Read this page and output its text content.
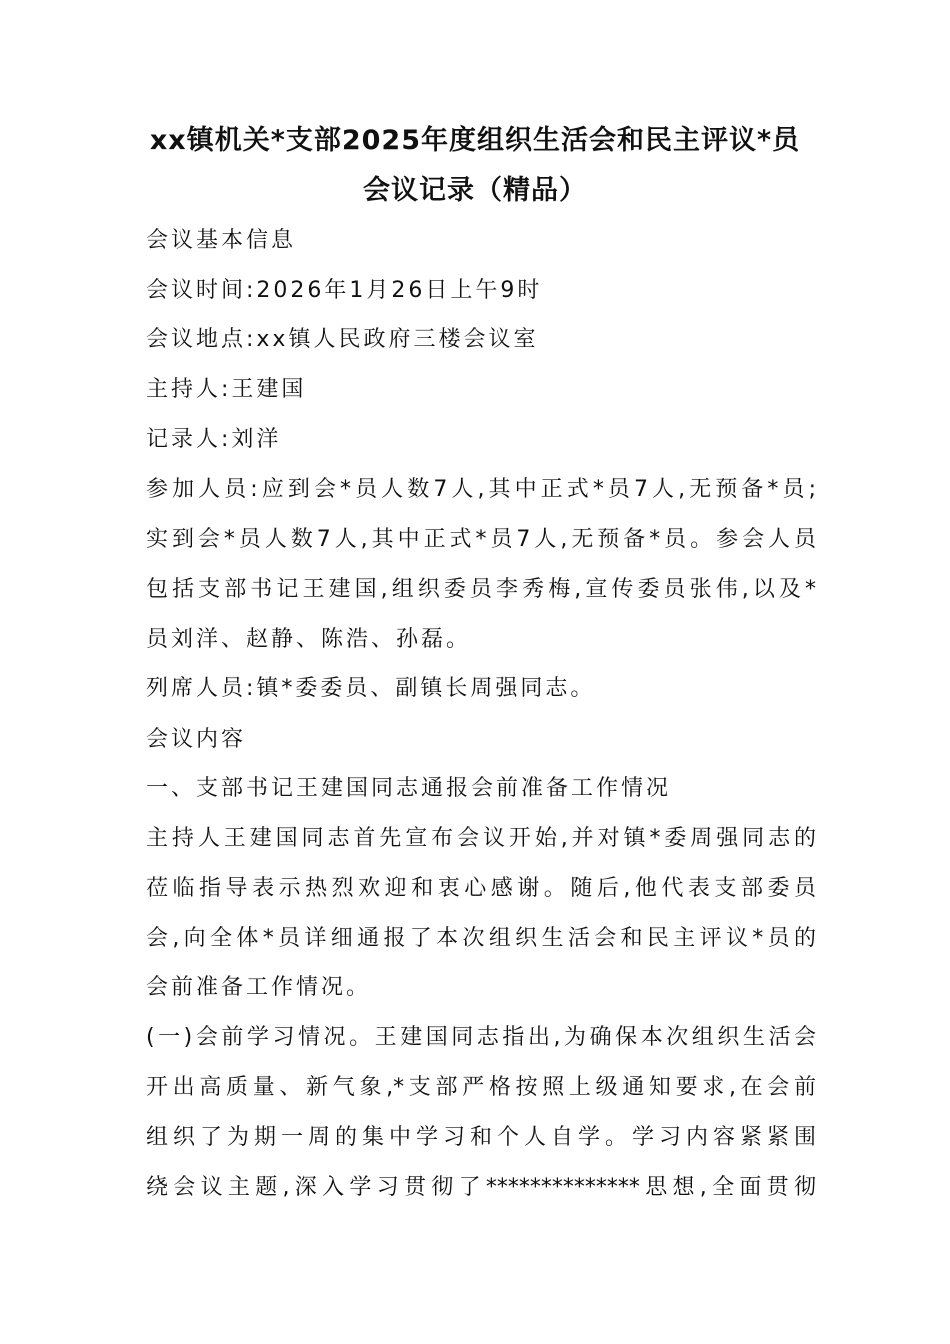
xx镇机关*支部2025年度组织生活会和民主评议*员
会议记录（精品）

会议基本信息

会议时间:2026年1月26日上午9时

会议地点:xx镇人民政府三楼会议室

主持人:王建国

记录人:刘洋

参加人员:应到会*员人数7人,其中正式*员7人,无预备*员;

实到会*员人数7人,其中正式*员7人,无预备*员。参会人员

包括支部书记王建国,组织委员李秀梅,宣传委员张伟,以及*

员刘洋、赵静、陈浩、孙磊。

列席人员:镇*委委员、副镇长周强同志。

会议内容

一、支部书记王建国同志通报会前准备工作情况

主持人王建国同志首先宣布会议开始,并对镇*委周强同志的

莅临指导表示热烈欢迎和衷心感谢。随后,他代表支部委员

会,向全体*员详细通报了本次组织生活会和民主评议*员的

会前准备工作情况。

(一)会前学习情况。王建国同志指出,为确保本次组织生活会

开出高质量、新气象,*支部严格按照上级通知要求,在会前

组织了为期一周的集中学习和个人自学。学习内容紧紧围

绕会议主题,深入学习贯彻了**************思想,全面贯彻
